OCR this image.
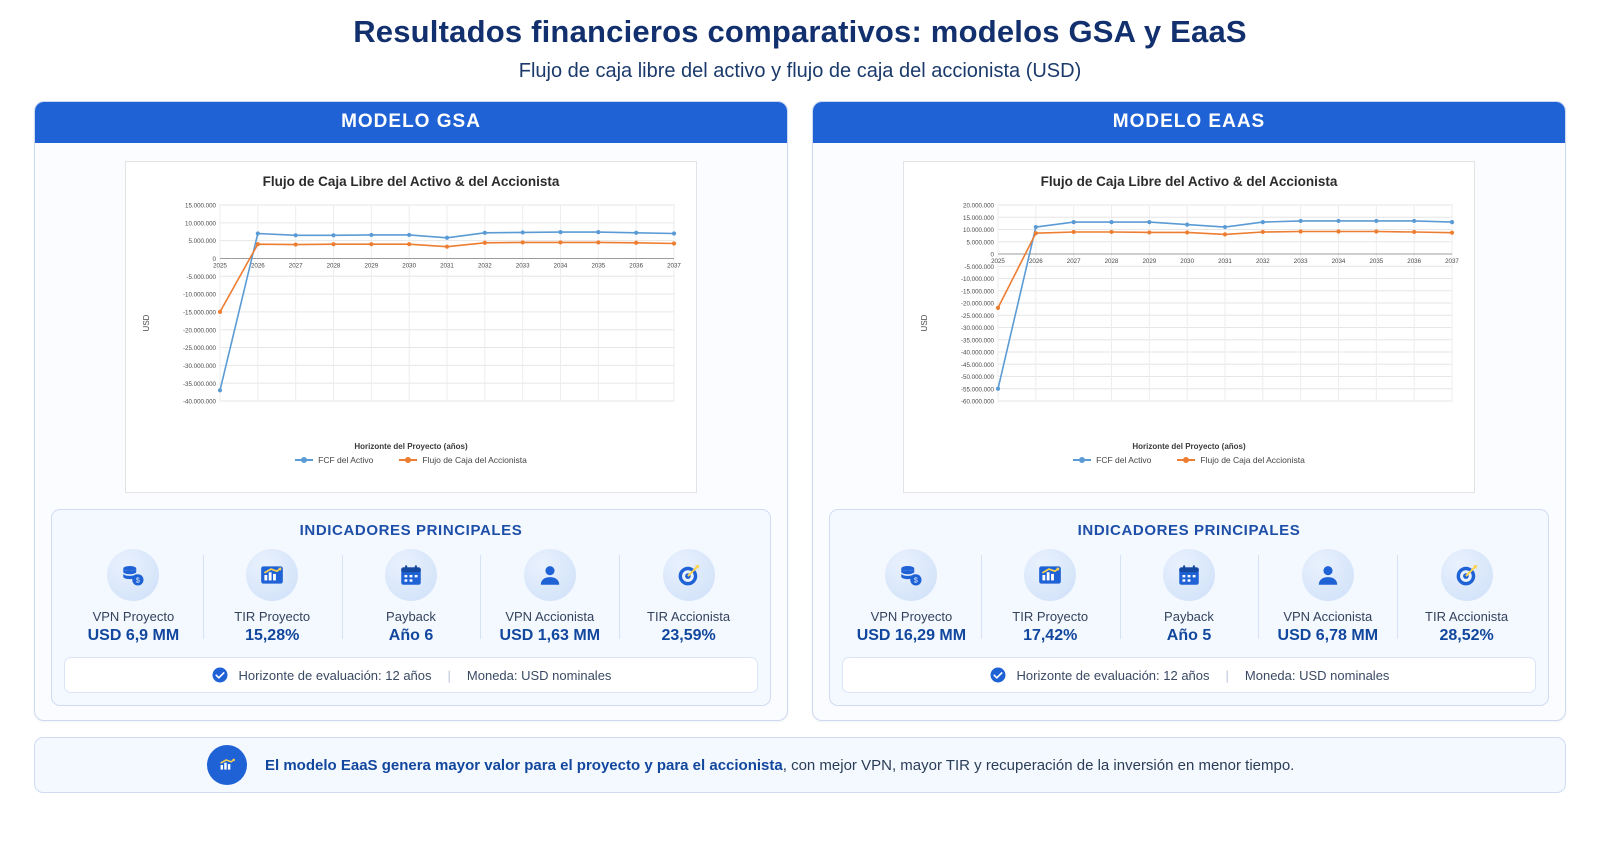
Resultados financieros comparativos: modelos GSA y EaaS
Flujo de caja libre del activo y flujo de caja del accionista (USD)
MODELO GSA
Flujo de Caja Libre del Activo & del Accionista
USD
15.000.000
10.000.000
5.000.000
0
-5.000.000
-10.000.000
-15.000.000
-20.000.000
-25.000.000
-30.000.000
-35.000.000
-40.000.000
2025	2026	2027	2028	2029	2030	2031	2032	2033	2034	2035	2036	2037
Horizonte del Proyecto (años)
FCF del Activo	Flujo de Caja del Accionista
INDICADORES PRINCIPALES
$
VPN Proyecto
USD 6,9 MM
TIR Proyecto
15,28%
Payback
Año 6
VPN Accionista
USD 1,63 MM
TIR Accionista
23,59%
Horizonte de evaluación: 12 años | Moneda: USD nominales
MODELO EAAS
Flujo de Caja Libre del Activo & del Accionista
USD
20.000.000
15.000.000
10.000.000
5.000.000
0
-5.000.000
-10.000.000
-15.000.000
-20.000.000
-25.000.000
-30.000.000
-35.000.000
-40.000.000
-45.000.000
-50.000.000
-55.000.000
-60.000.000
2025	2026	2027	2028	2029	2030	2031	2032	2033	2034	2035	2036	2037
Horizonte del Proyecto (años)
FCF del Activo	Flujo de Caja del Accionista
INDICADORES PRINCIPALES
$
VPN Proyecto
USD 16,29 MM
TIR Proyecto
17,42%
Payback
Año 5
VPN Accionista
USD 6,78 MM
TIR Accionista
28,52%
Horizonte de evaluación: 12 años | Moneda: USD nominales
El modelo EaaS genera mayor valor para el proyecto y para el accionista, con mejor VPN, mayor TIR y recuperación de la inversión en menor tiempo.
